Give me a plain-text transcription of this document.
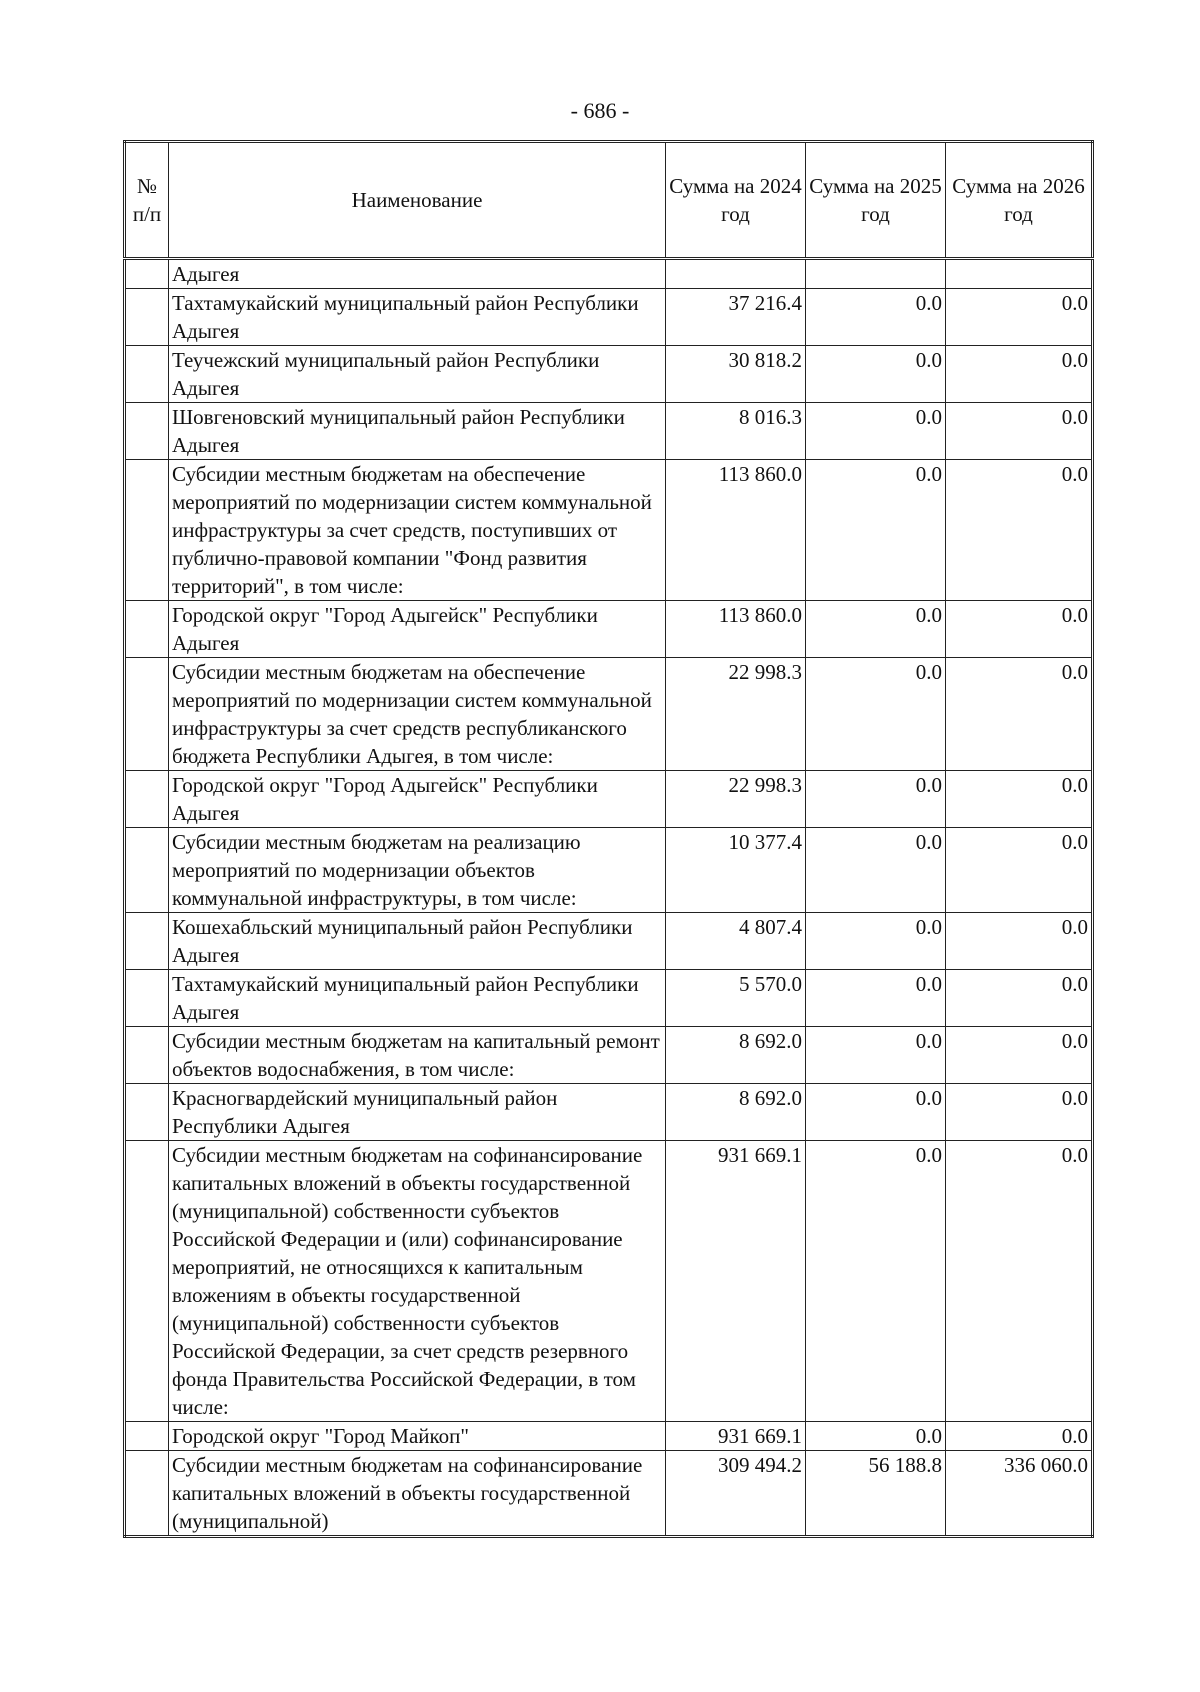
- 686 -
№ п/п	Наименование	Сумма на 2024 год	Сумма на 2025 год	Сумма на 2026 год
	Адыгея			
	Тахтамукайский муниципальный район Республики Адыгея	37 216.4	0.0	0.0
	Теучежский муниципальный район Республики Адыгея	30 818.2	0.0	0.0
	Шовгеновский муниципальный район Республики Адыгея	8 016.3	0.0	0.0
	Субсидии местным бюджетам на обеспечение мероприятий по модернизации систем коммунальной инфраструктуры за счет средств, поступивших от публично-правовой компании "Фонд развития территорий", в том числе:	113 860.0	0.0	0.0
	Городской округ "Город Адыгейск" Республики Адыгея	113 860.0	0.0	0.0
	Субсидии местным бюджетам на обеспечение мероприятий по модернизации систем коммунальной инфраструктуры за счет средств республиканского бюджета Республики Адыгея, в том числе:	22 998.3	0.0	0.0
	Городской округ "Город Адыгейск" Республики Адыгея	22 998.3	0.0	0.0
	Субсидии местным бюджетам на реализацию мероприятий по модернизации объектов коммунальной инфраструктуры, в том числе:	10 377.4	0.0	0.0
	Кошехабльский муниципальный район Республики Адыгея	4 807.4	0.0	0.0
	Тахтамукайский муниципальный район Республики Адыгея	5 570.0	0.0	0.0
	Субсидии местным бюджетам на капитальный ремонт объектов водоснабжения, в том числе:	8 692.0	0.0	0.0
	Красногвардейский муниципальный район Республики Адыгея	8 692.0	0.0	0.0
	Субсидии местным бюджетам на софинансирование капитальных вложений в объекты государственной (муниципальной) собственности субъектов Российской Федерации и (или) софинансирование мероприятий, не относящихся к капитальным вложениям в объекты государственной (муниципальной) собственности субъектов Российской Федерации, за счет средств резервного фонда Правительства Российской Федерации, в том числе:	931 669.1	0.0	0.0
	Городской округ "Город Майкоп"	931 669.1	0.0	0.0
	Субсидии местным бюджетам на софинансирование капитальных вложений в объекты государственной (муниципальной)	309 494.2	56 188.8	336 060.0
